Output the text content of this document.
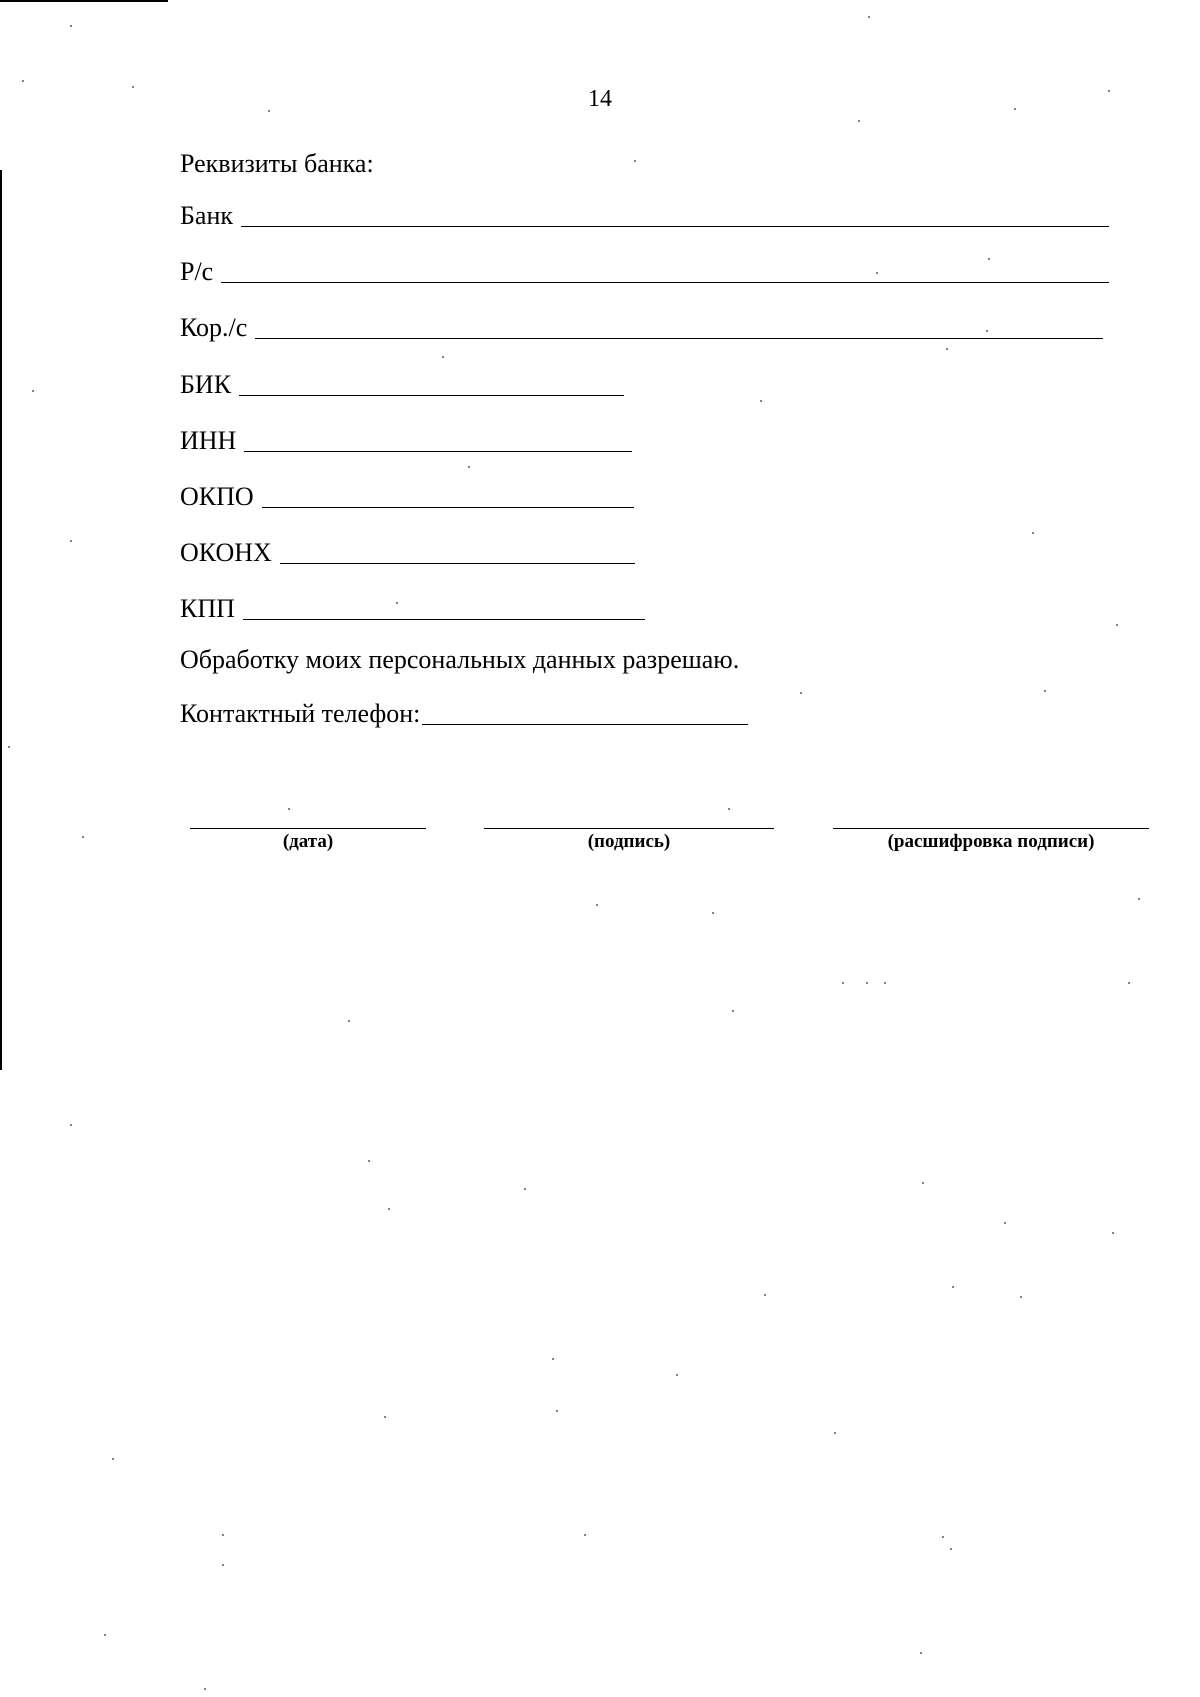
14
Реквизиты банка:
Банк
Р/с
Кор./с
БИК
ИНН
ОКПО
ОКОНХ
КПП
Обработку моих персональных данных разрешаю.
Контактный телефон:
(дата)	(подпись)	(расшифровка подписи)
